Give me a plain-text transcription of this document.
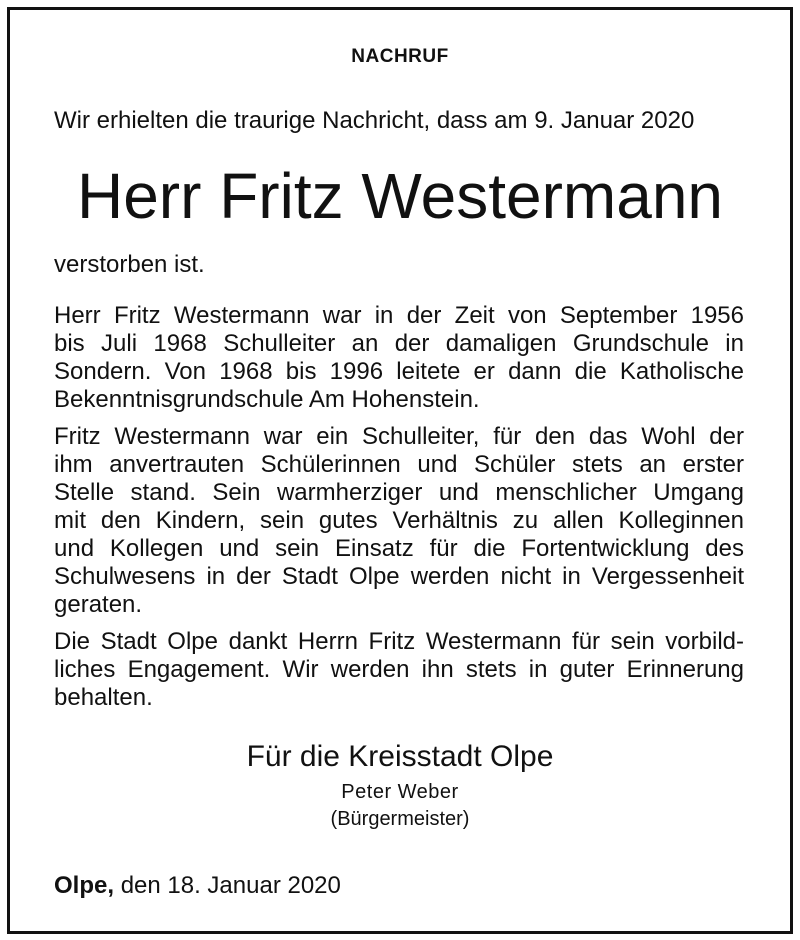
NACHRUF
Wir erhielten die traurige Nachricht, dass am 9. Januar 2020
Herr Fritz Westermann
verstorben ist.

Herr Fritz Westermann war in der Zeit von September 1956
bis Juli 1968 Schulleiter an der damaligen Grundschule in
Sondern. Von 1968 bis 1996 leitete er dann die Katholische
Bekenntnisgrundschule Am Hohenstein.

Fritz Westermann war ein Schulleiter, für den das Wohl der
ihm anvertrauten Schülerinnen und Schüler stets an erster
Stelle stand. Sein warmherziger und menschlicher Umgang
mit den Kindern, sein gutes Verhältnis zu allen Kolleginnen
und Kollegen und sein Einsatz für die Fortentwicklung des
Schulwesens in der Stadt Olpe werden nicht in Vergessenheit
geraten.

Die Stadt Olpe dankt Herrn Fritz Westermann für sein vorbild-
liches Engagement. Wir werden ihn stets in guter Erinnerung
behalten.

Für die Kreisstadt Olpe
Peter Weber
(Bürgermeister)
Olpe, den 18. Januar 2020
